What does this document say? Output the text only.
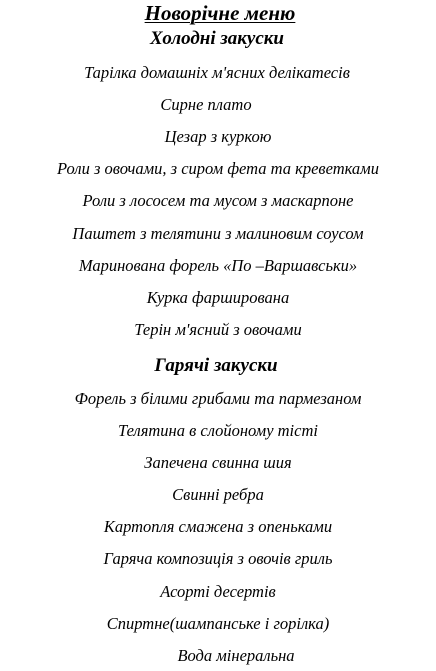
Новорічне меню
Холодні закуски
Тарілка домашніх м'ясних делікатесів
Сирне плато
Цезар з куркою
Роли з овочами, з сиром фета та креветками
Роли з лососем та мусом з маскарпоне
Паштет з телятини з малиновим соусом
Маринована форель «По –Варшавськи»
Курка фарширована
Терін м'ясний з овочами
Гарячі закуски
Форель з білими грибами та пармезаном
Телятина в слойоному тісті
Запечена свинна шия
Свинні ребра
Картопля смажена з опеньками
Гаряча композиція з овочів гриль
Асорті десертів
Спиртне(шампанське і горілка)
Вода мінеральна
